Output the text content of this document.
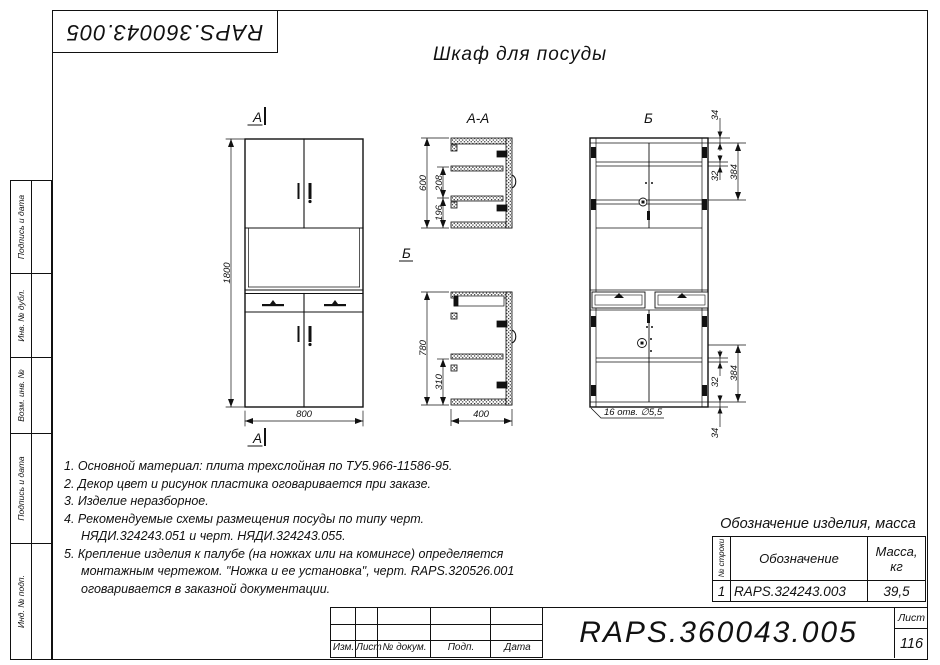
RAPS.360043.005
Подпись и дата
Инв. № дубл.
Возм. инв. №
Подпись и дата
Инд. № подп.
Шкаф для посуды
А
1800
800
А
А-А
600 208
196
Б
780
310
400
Б
16 отв. ∅5,5
34
32 384
384
32
34
1. Основной материал: плита трехслойная по ТУ5.966-11586-95.
2. Декор цвет и рисунок пластика оговаривается при заказе.
3. Изделие неразборное.
4. Рекомендуемые схемы размещения посуды по типу черт. НЯДИ.324243.051 и черт. НЯДИ.324243.055.
5. Крепление изделия к палубе (на ножках или на комингсе) определяется монтажным чертежом. "Ножка и ее установка", черт. RAPS.320526.001 оговаривается в заказной документации.
Обозначение изделия, масса
№ строки	Обозначение	Масса,
кг
1 RAPS.324243.003	39,5
Изм. Лист № докум.	Подп.	Дата	RAPS.360043.005	Лист
116
